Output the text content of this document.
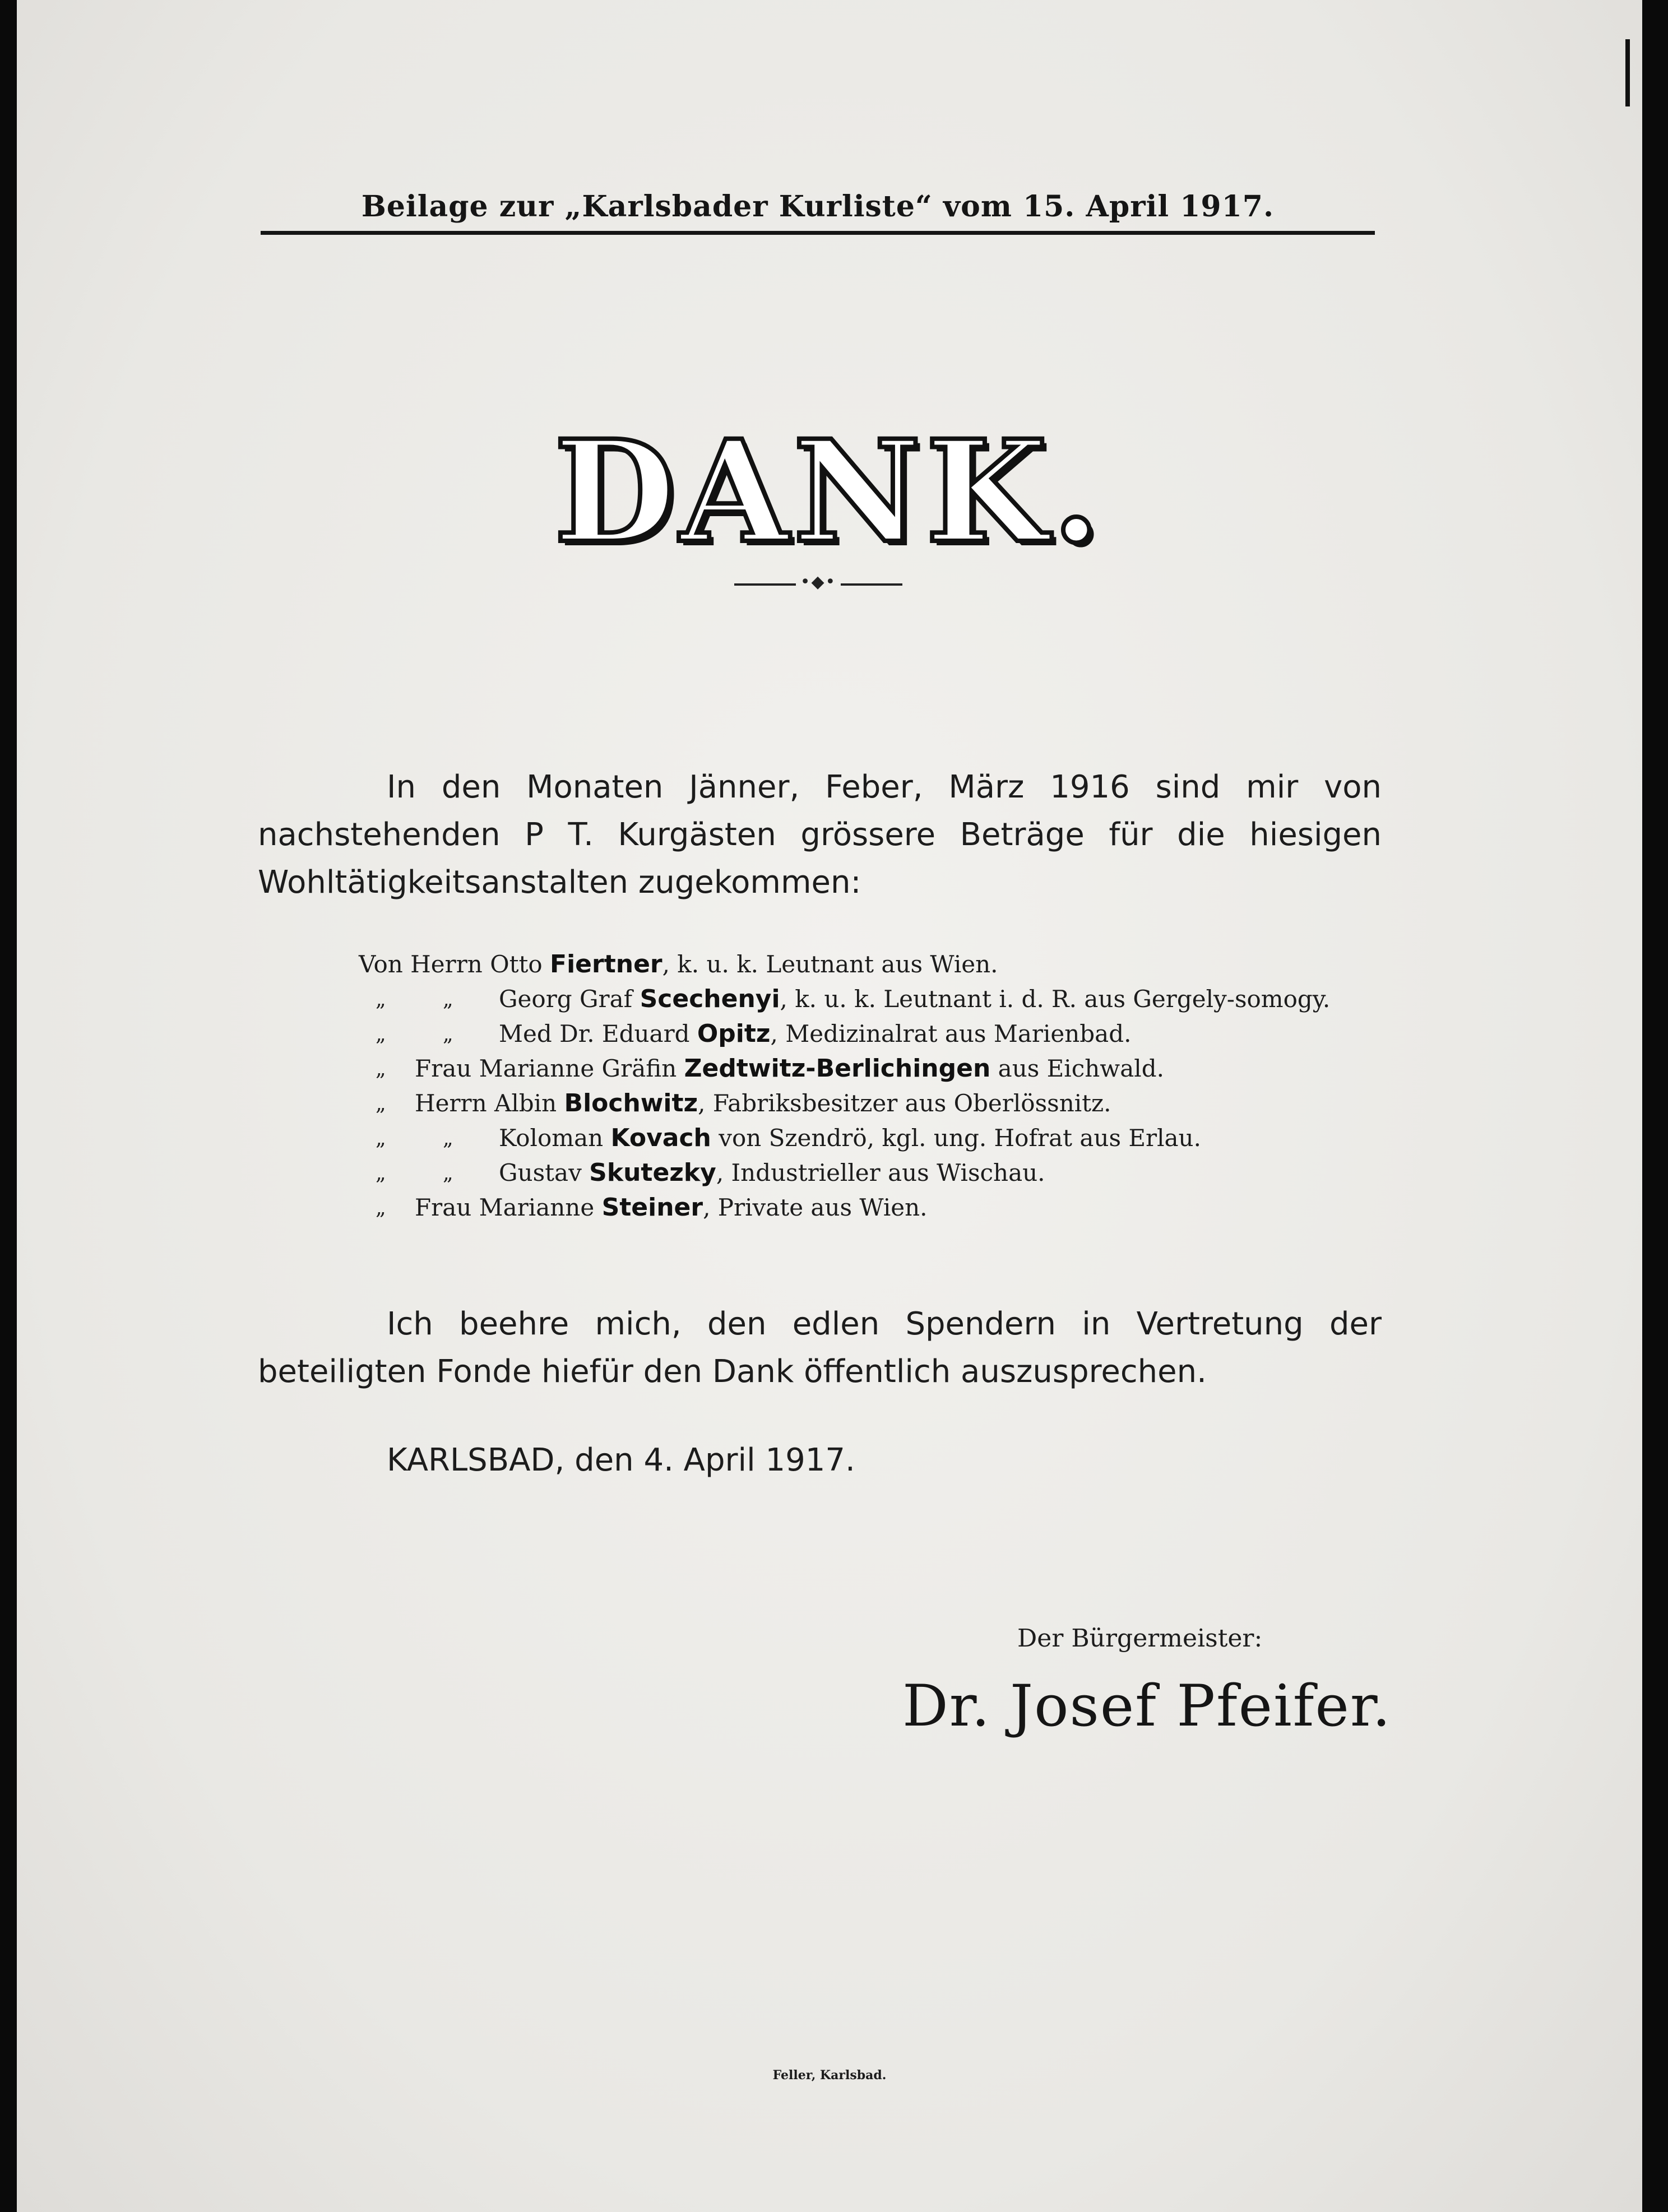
Beilage zur „Karlsbader Kurliste“ vom 15. April 1917.
DANK.
•◆•
In den Monaten Jänner, Feber, März 1916 sind mir von nachstehenden P T. Kurgästen grössere Beträge für die hiesigen Wohltätigkeitsanstalten zugekommen:
Von Herrn Otto Fiertner, k. u. k. Leutnant aus Wien.
„	„ Georg Graf Scechenyi, k. u. k. Leutnant i. d. R. aus Gergely-somogy.
„	„ Med Dr. Eduard Opitz, Medizinalrat aus Marienbad.
„ Frau Marianne Gräfin Zedtwitz-Berlichingen aus Eichwald.
„ Herrn Albin Blochwitz, Fabriksbesitzer aus Oberlössnitz.
„	„ Koloman Kovach von Szendrö, kgl. ung. Hofrat aus Erlau.
„	„ Gustav Skutezky, Industrieller aus Wischau.
„ Frau Marianne Steiner, Private aus Wien.
Ich beehre mich, den edlen Spendern in Vertretung der beteiligten Fonde hiefür den Dank öffentlich auszusprechen.
KARLSBAD, den 4. April 1917.
Der Bürgermeister:
Dr. Josef Pfeifer.
Feller, Karlsbad.
